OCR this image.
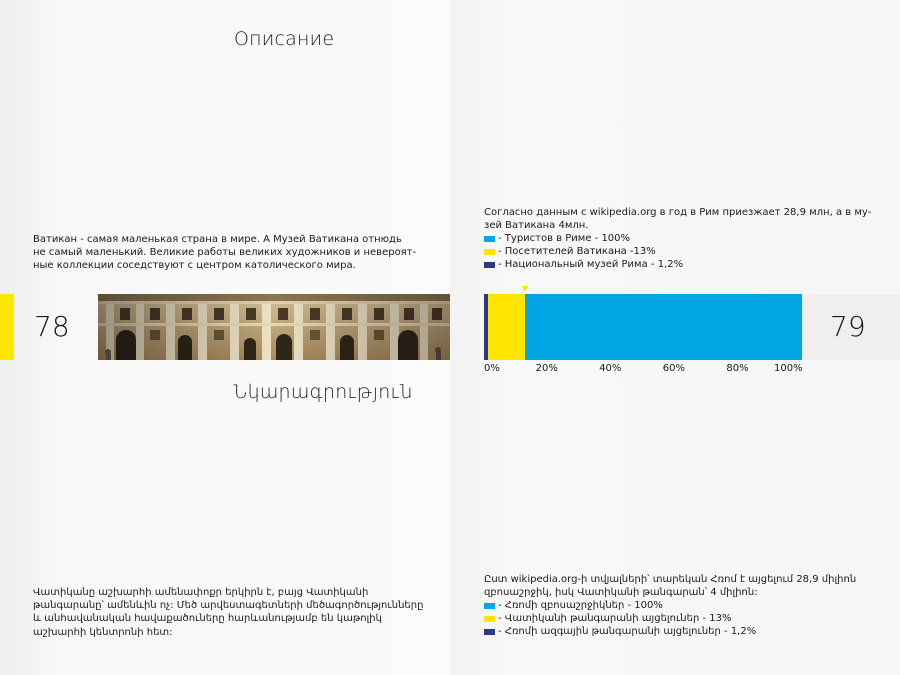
Описание
Ватикан - самая маленькая страна в мире. А Музей Ватикана отнюдь
не самый маленький. Великие работы великих художников и невероят-
ные коллекции соседствуют с центром католического мира.
78
Նկարագրություն
Վատիկանը աշխարհի ամենափոքր երկիրն է, բայց Վատիկանի
թանգարանը՝ ամենևին ոչ: Մեծ արվեստագետների մեծագործությունները
և անհավանական հավաքածուները հարևանությամբ են կաթոլիկ
աշխարհի կենտրոնի հետ:
Согласно данным с wikipedia.org в год в Рим приезжает 28,9 млн, а в му-
зей Ватикана 4млн.
- Туристов в Риме - 100%
- Посетителей Ватикана -13%
- Национальный музей Рима - 1,2%
0%	20%	40%	60%	80%	100%
79
Ըստ wikipedia.org-ի տվյալների՝ տարեկան Հռոմ է այցելում 28,9 միլիոն
զբոսաշրջիկ, իսկ Վատիկանի թանգարան՝ 4 միլիոն:
- Հռոմի զբոսաշրջիկներ - 100%
- Վատիկանի թանգարանի այցելուներ - 13%
- Հռոմի ազգային թանգարանի այցելուներ - 1,2%
